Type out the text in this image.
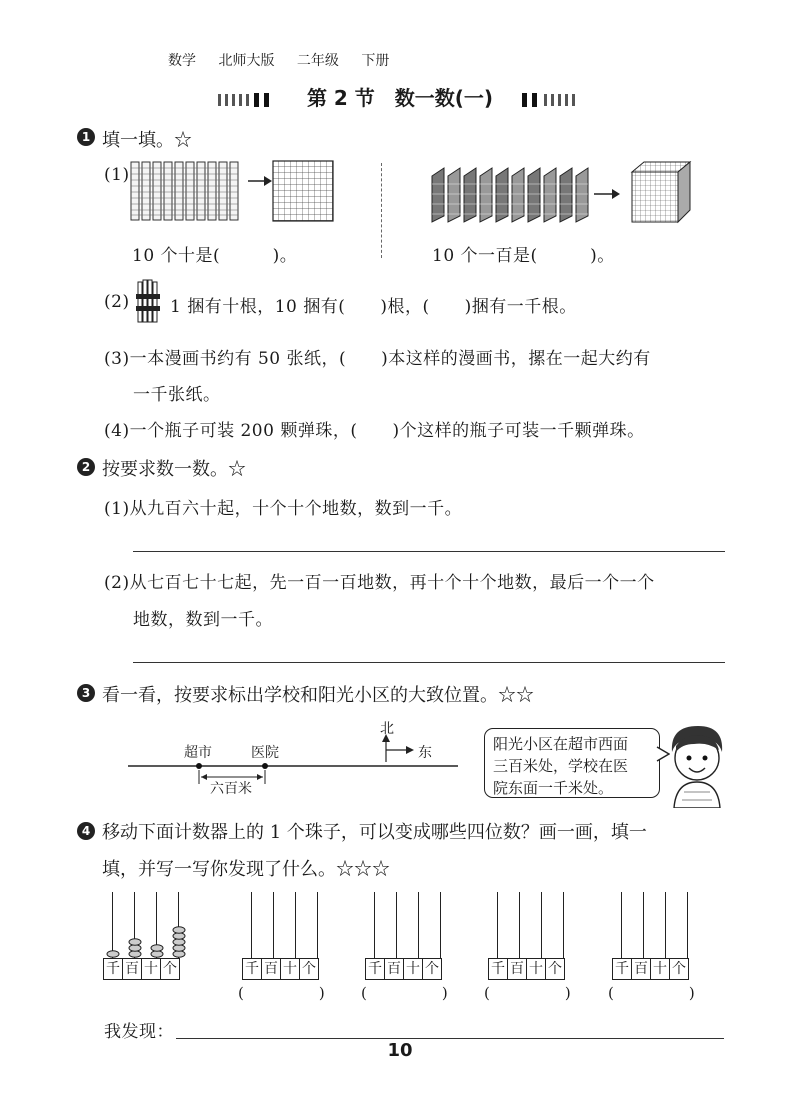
数学 北师大版 二年级 下册
第 2 节　数一数(一)
1 填一填。☆
(1)
10 个十是(　　　)。	10 个一百是(　　　)。
(2) 1 捆有十根，10 捆有(　　)根，(　　)捆有一千根。
(3)一本漫画书约有 50 张纸，(　　)本这样的漫画书，摞在一起大约有
一千张纸。
(4)一个瓶子可装 200 颗弹珠，(　　)个这样的瓶子可装一千颗弹珠。
2 按要求数一数。☆
(1)从九百六十起，十个十个地数，数到一千。
(2)从七百七十七起，先一百一百地数，再十个十个地数，最后一个一个
地数，数到一千。
3 看一看，按要求标出学校和阳光小区的大致位置。☆☆
超市	医院
六百米
北
东	阳光小区在超市西面
三百米处，学校在医
院东面一千米处。
4 移动下面计数器上的 1 个珠子，可以变成哪些四位数？画一画，填一
填，并写一写你发现了什么。☆☆☆
千 百 十 个	千 百 十 个
(　　　　　)
千 百 十 个
(　　　　　)
千 百 十 个
(　　　　　)
千 百 十 个
(　　　　　)
我发现：
10
